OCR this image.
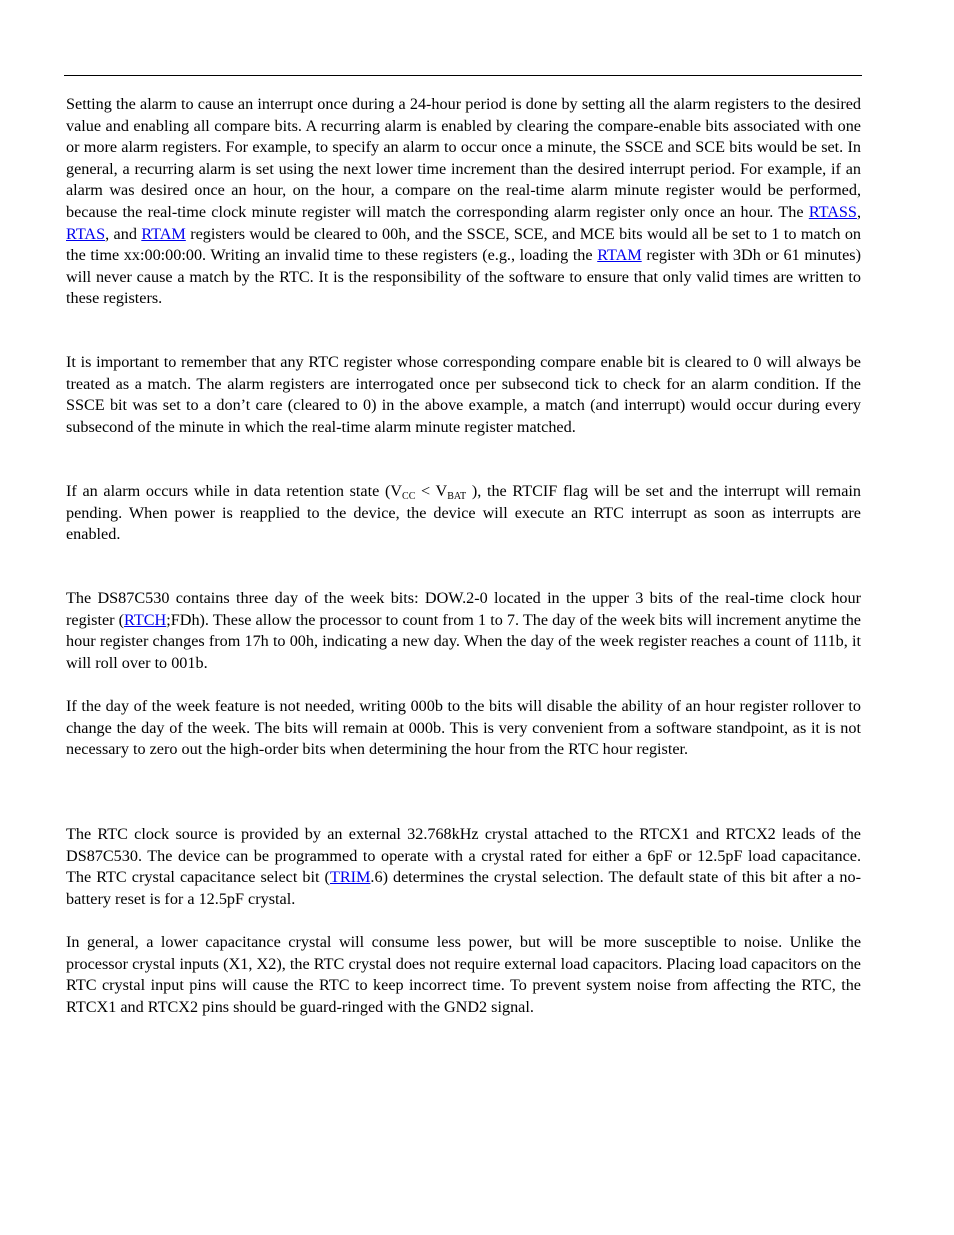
Setting the alarm to cause an interrupt once during a 24-hour period is done by setting all the alarm registers to the desired value and enabling all compare bits. A recurring alarm is enabled by clearing the compare-enable bits associated with one or more alarm registers. For example, to specify an alarm to occur once a minute, the SSCE and SCE bits would be set. In general, a recurring alarm is set using the next lower time increment than the desired interrupt period. For example, if an alarm was desired once an hour, on the hour, a compare on the real-time alarm minute register would be performed, because the real-time clock minute register will match the corresponding alarm register only once an hour. The RTASS, RTAS, and RTAM registers would be cleared to 00h, and the SSCE, SCE, and MCE bits would all be set to 1 to match on the time xx:00:00:00. Writing an invalid time to these registers (e.g., loading the RTAM register with 3Dh or 61 minutes) will never cause a match by the RTC. It is the responsibility of the software to ensure that only valid times are written to these registers.

It is important to remember that any RTC register whose corresponding compare enable bit is cleared to 0 will always be treated as a match. The alarm registers are interrogated once per subsecond tick to check for an alarm condition. If the SSCE bit was set to a don’t care (cleared to 0) in the above example, a match (and interrupt) would occur during every subsecond of the minute in which the real-time alarm minute register matched.

If an alarm occurs while in data retention state ($V_{CC} < V_{BAT}$ ), the RTCIF flag will be set and the interrupt will remain pending. When power is reapplied to the device, the device will execute an RTC interrupt as soon as interrupts are enabled.

The DS87C530 contains three day of the week bits: DOW.2-0 located in the upper 3 bits of the real-time clock hour register (RTCH;FDh). These allow the processor to count from 1 to 7. The day of the week bits will increment anytime the hour register changes from 17h to 00h, indicating a new day. When the day of the week register reaches a count of 111b, it will roll over to 001b.

If the day of the week feature is not needed, writing 000b to the bits will disable the ability of an hour register rollover to change the day of the week. The bits will remain at 000b. This is very convenient from a software standpoint, as it is not necessary to zero out the high-order bits when determining the hour from the RTC hour register.

The RTC clock source is provided by an external 32.768kHz crystal attached to the RTCX1 and RTCX2 leads of the DS87C530. The device can be programmed to operate with a crystal rated for either a 6pF or 12.5pF load capacitance. The RTC crystal capacitance select bit (TRIM.6) determines the crystal selection. The default state of this bit after a no-battery reset is for a 12.5pF crystal.

In general, a lower capacitance crystal will consume less power, but will be more susceptible to noise. Unlike the processor crystal inputs (X1, X2), the RTC crystal does not require external load capacitors. Placing load capacitors on the RTC crystal input pins will cause the RTC to keep incorrect time. To prevent system noise from affecting the RTC, the RTCX1 and RTCX2 pins should be guard-ringed with the GND2 signal.
